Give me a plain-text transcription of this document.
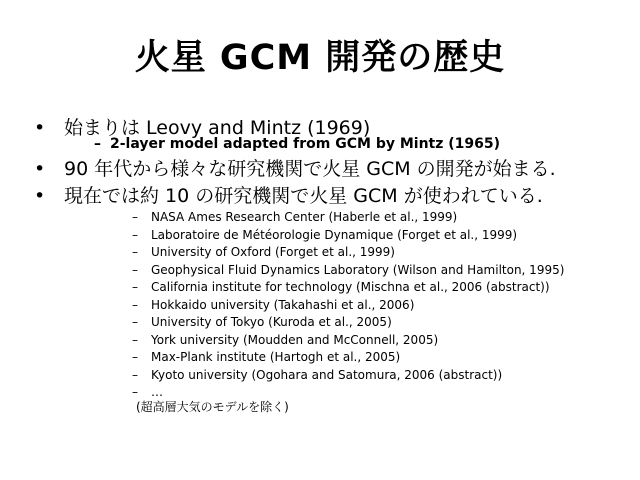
火星 GCM 開発の歴史
• 始まりは Leovy and Mintz (1969)
– 2-layer model adapted from GCM by Mintz (1965)
• 90 年代から様々な研究機関で火星 GCM の開発が始まる.
• 現在では約 10 の研究機関で火星 GCM が使われている.
– NASA Ames Research Center (Haberle et al., 1999)
– Laboratoire de Météorologie Dynamique (Forget et al., 1999)
– University of Oxford (Forget et al., 1999)
– Geophysical Fluid Dynamics Laboratory (Wilson and Hamilton, 1995)
– California institute for technology (Mischna et al., 2006 (abstract))
– Hokkaido university (Takahashi et al., 2006)
– University of Tokyo (Kuroda et al., 2005)
– York university (Moudden and McConnell, 2005)
– Max-Plank institute (Hartogh et al., 2005)
– Kyoto university (Ogohara and Satomura, 2006 (abstract))
– …
(超高層大気のモデルを除く)
